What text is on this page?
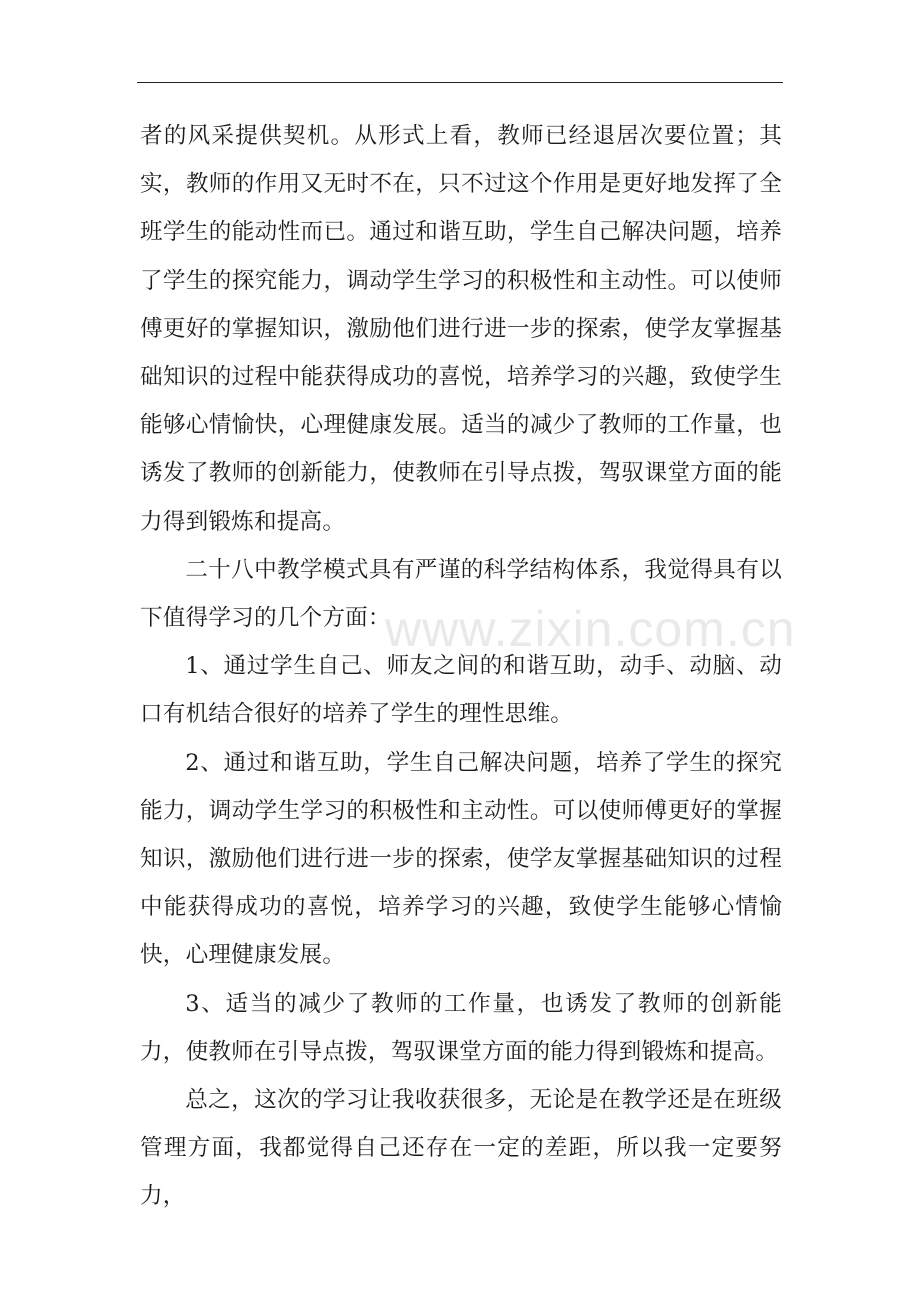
者的风采提供契机。从形式上看，教师已经退居次要位置；其实，教师的作用又无时不在，只不过这个作用是更好地发挥了全班学生的能动性而已。通过和谐互助，学生自己解决问题，培养了学生的探究能力，调动学生学习的积极性和主动性。可以使师傅更好的掌握知识，激励他们进行进一步的探索，使学友掌握基础知识的过程中能获得成功的喜悦，培养学习的兴趣，致使学生能够心情愉快，心理健康发展。适当的减少了教师的工作量，也诱发了教师的创新能力，使教师在引导点拨，驾驭课堂方面的能力得到锻炼和提高。

二十八中教学模式具有严谨的科学结构体系，我觉得具有以下值得学习的几个方面：

1、通过学生自己、师友之间的和谐互助，动手、动脑、动口有机结合很好的培养了学生的理性思维。

2、通过和谐互助，学生自己解决问题，培养了学生的探究能力，调动学生学习的积极性和主动性。可以使师傅更好的掌握知识，激励他们进行进一步的探索，使学友掌握基础知识的过程中能获得成功的喜悦，培养学习的兴趣，致使学生能够心情愉快，心理健康发展。

3、适当的减少了教师的工作量，也诱发了教师的创新能力，使教师在引导点拨，驾驭课堂方面的能力得到锻炼和提高。

总之，这次的学习让我收获很多，无论是在教学还是在班级管理方面，我都觉得自己还存在一定的差距，所以我一定要努力，

www.zixin.com.cn
